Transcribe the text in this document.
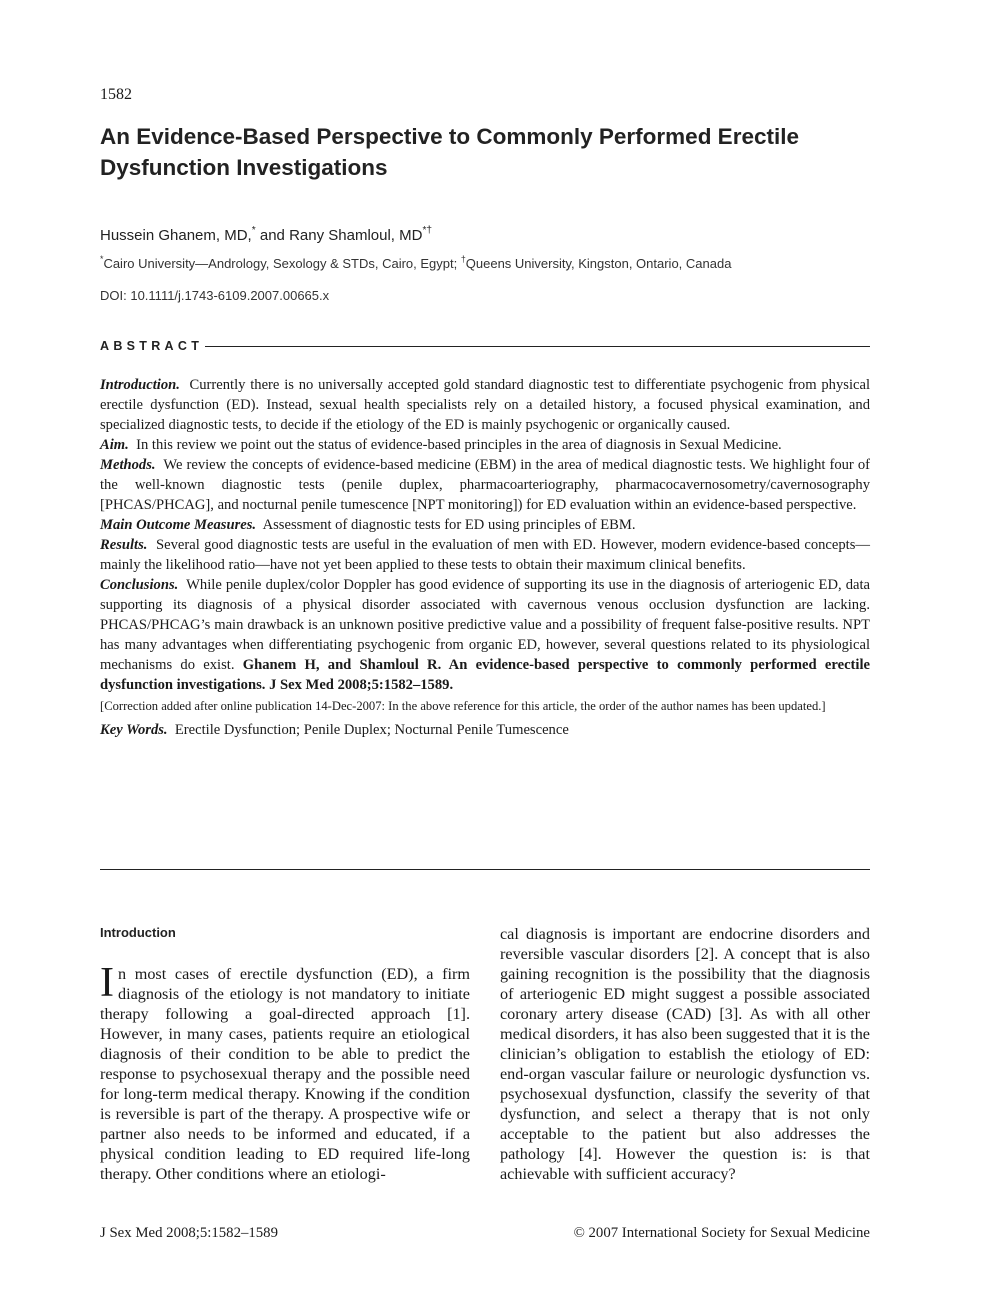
1582
An Evidence-Based Perspective to Commonly Performed Erectile Dysfunction Investigations
Hussein Ghanem, MD,* and Rany Shamloul, MD*†
*Cairo University—Andrology, Sexology & STDs, Cairo, Egypt; †Queens University, Kingston, Ontario, Canada
DOI: 10.1111/j.1743-6109.2007.00665.x
ABSTRACT

Introduction. Currently there is no universally accepted gold standard diagnostic test to differentiate psychogenic from physical erectile dysfunction (ED). Instead, sexual health specialists rely on a detailed history, a focused physical examination, and specialized diagnostic tests, to decide if the etiology of the ED is mainly psychogenic or organically caused.

Aim. In this review we point out the status of evidence-based principles in the area of diagnosis in Sexual Medicine.

Methods. We review the concepts of evidence-based medicine (EBM) in the area of medical diagnostic tests. We highlight four of the well-known diagnostic tests (penile duplex, pharmacoarteriography, pharmacocavernosometry/cavernosography [PHCAS/PHCAG], and nocturnal penile tumescence [NPT monitoring]) for ED evaluation within an evidence-based perspective.

Main Outcome Measures. Assessment of diagnostic tests for ED using principles of EBM.

Results. Several good diagnostic tests are useful in the evaluation of men with ED. However, modern evidence-based concepts—mainly the likelihood ratio—have not yet been applied to these tests to obtain their maximum clinical benefits.

Conclusions. While penile duplex/color Doppler has good evidence of supporting its use in the diagnosis of arteriogenic ED, data supporting its diagnosis of a physical disorder associated with cavernous venous occlusion dysfunction are lacking. PHCAS/PHCAG’s main drawback is an unknown positive predictive value and a possibility of frequent false-positive results. NPT has many advantages when differentiating psychogenic from organic ED, however, several questions related to its physiological mechanisms do exist. Ghanem H, and Shamloul R. An evidence-based perspective to commonly performed erectile dysfunction investigations. J Sex Med 2008;5:1582–1589.

[Correction added after online publication 14-Dec-2007: In the above reference for this article, the order of the author names has been updated.]

Key Words. Erectile Dysfunction; Penile Duplex; Nocturnal Penile Tumescence

Introduction

In most cases of erectile dysfunction (ED), a firm diagnosis of the etiology is not mandatory to initiate therapy following a goal-directed approach [1]. However, in many cases, patients require an etiological diagnosis of their condition to be able to predict the response to psychosexual therapy and the possible need for long-term medical therapy. Knowing if the condition is reversible is part of the therapy. A prospective wife or partner also needs to be informed and educated, if a physical condition leading to ED required life-long therapy. Other conditions where an etiologi-

cal diagnosis is important are endocrine disorders and reversible vascular disorders [2]. A concept that is also gaining recognition is the possibility that the diagnosis of arteriogenic ED might suggest a possible associated coronary artery disease (CAD) [3]. As with all other medical disorders, it has also been suggested that it is the clinician’s obligation to establish the etiology of ED: end-organ vascular failure or neurologic dysfunction vs. psychosexual dysfunction, classify the severity of that dysfunction, and select a therapy that is not only acceptable to the patient but also addresses the pathology [4]. However the question is: is that achievable with sufficient accuracy?

J Sex Med 2008;5:1582–1589	© 2007 International Society for Sexual Medicine
